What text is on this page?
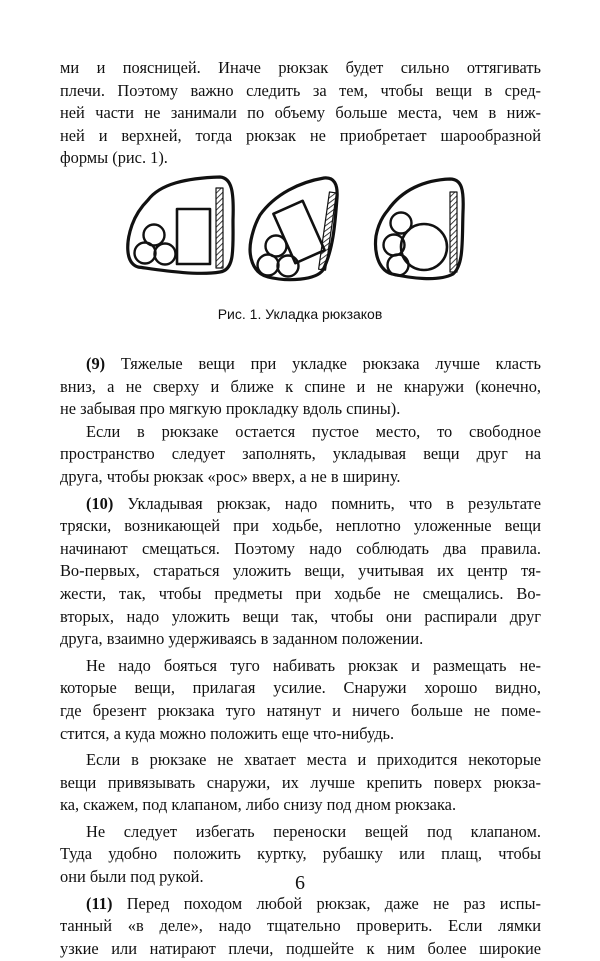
ми и поясницей. Иначе рюкзак будет сильно оттягивать

плечи. Поэтому важно следить за тем, чтобы вещи в сред-

ней части не занимали по объему больше места, чем в ниж-

ней и верхней, тогда рюкзак не приобретает шарообразной

формы (рис. 1).

Рис. 1. Укладка рюкзаков

(9) Тяжелые вещи при укладке рюкзака лучше класть

вниз, а не сверху и ближе к спине и не кнаружи (конечно,

не забывая про мягкую прокладку вдоль спины).

Если в рюкзаке остается пустое место, то свободное

пространство следует заполнять, укладывая вещи друг на

друга, чтобы рюкзак «рос» вверх, а не в ширину.

(10) Укладывая рюкзак, надо помнить, что в результате

тряски, возникающей при ходьбе, неплотно уложенные вещи

начинают смещаться. Поэтому надо соблюдать два правила.

Во-первых, стараться уложить вещи, учитывая их центр тя-

жести, так, чтобы предметы при ходьбе не смещались. Во-

вторых, надо уложить вещи так, чтобы они распирали друг

друга, взаимно удерживаясь в заданном положении.

Не надо бояться туго набивать рюкзак и размещать не-

которые вещи, прилагая усилие. Снаружи хорошо видно,

где брезент рюкзака туго натянут и ничего больше не поме-

стится, а куда можно положить еще что-нибудь.

Если в рюкзаке не хватает места и приходится некоторые

вещи привязывать снаружи, их лучше крепить поверх рюкза-

ка, скажем, под клапаном, либо снизу под дном рюкзака.

Не следует избегать переноски вещей под клапаном.

Туда удобно положить куртку, рубашку или плащ, чтобы

они были под рукой.

(11) Перед походом любой рюкзак, даже не раз испы-

танный «в деле», надо тщательно проверить. Если лямки

узкие или натирают плечи, подшейте к ним более широкие

6
